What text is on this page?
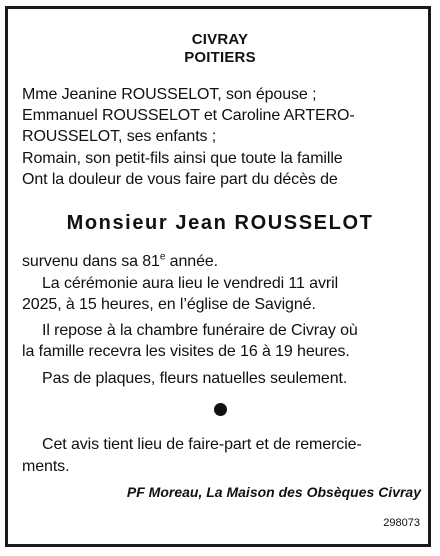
CIVRAY

POITIERS

Mme Jeanine ROUSSELOT, son épouse ;

Emmanuel ROUSSELOT et Caroline ARTERO-

ROUSSELOT, ses enfants ;

Romain, son petit-fils ainsi que toute la famille

Ont la douleur de vous faire part du décès de

Monsieur Jean ROUSSELOT

survenu dans sa 81e année.

La cérémonie aura lieu le vendredi 11 avril

2025, à 15 heures, en l’église de Savigné.

Il repose à la chambre funéraire de Civray où

la famille recevra les visites de 16 à 19 heures.

Pas de plaques, fleurs natuelles seulement.

Cet avis tient lieu de faire-part et de remercie-

ments.

PF Moreau, La Maison des Obsèques Civray

298073
